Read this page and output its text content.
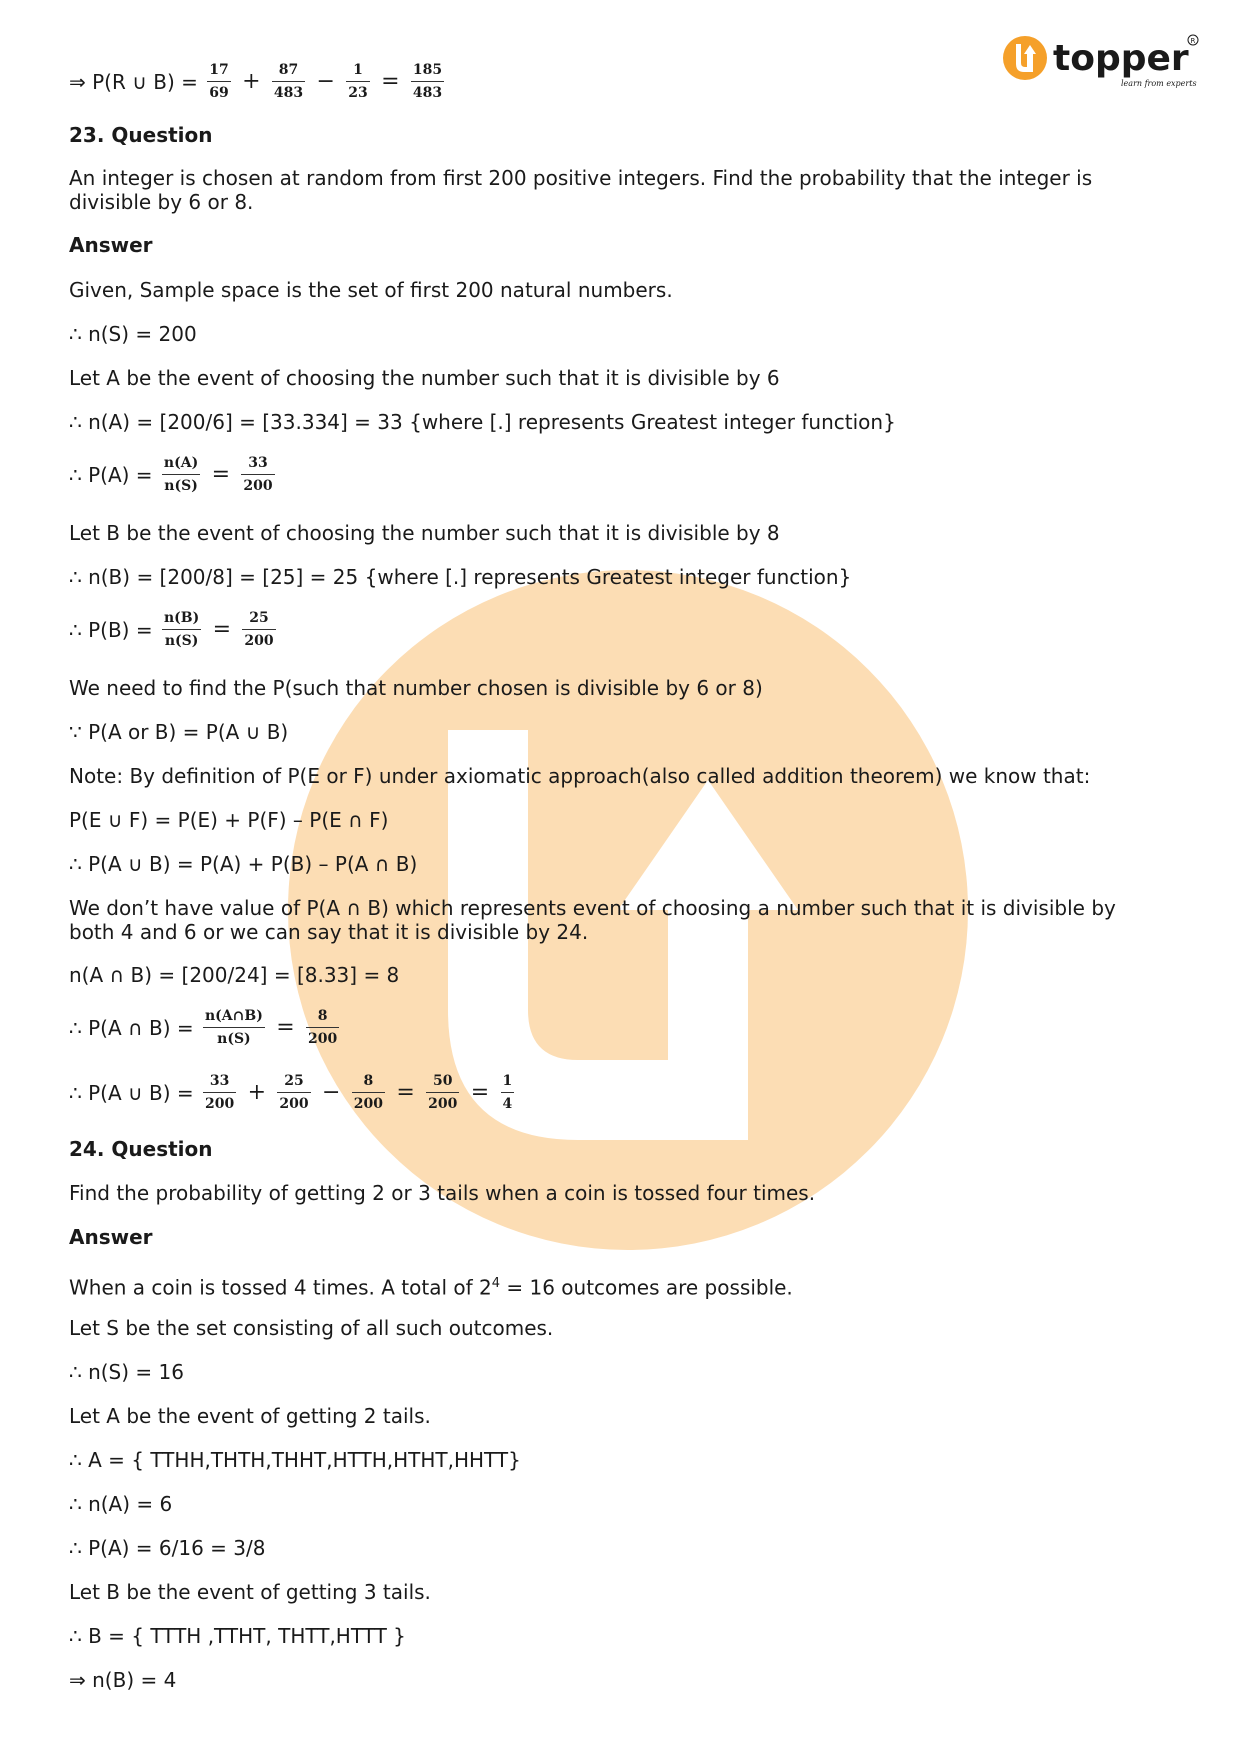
topper
learn from experts
R
⇒ P(R ∪ $B) = \frac{17}{69} + \frac{87}{483} - \frac{1}{23} = \frac{185}{483}$
23. Question
An integer is chosen at random from first 200 positive integers. Find the probability that the integer is divisible by 6 or 8.
Answer
Given, Sample space is the set of first 200 natural numbers.
∴ n(S) = 200
Let A be the event of choosing the number such that it is divisible by 6
∴ n(A) = [200/6] = [33.334] = 33 {where [.] represents Greatest integer function}
∴ $P(A) = \frac{n(A)}{n(S)} = \frac{33}{200}$
Let B be the event of choosing the number such that it is divisible by 8
∴ n(B) = [200/8] = [25] = 25 {where [.] represents Greatest integer function}
∴ $P(B) = \frac{n(B)}{n(S)} = \frac{25}{200}$
We need to find the P(such that number chosen is divisible by 6 or 8)
∵ P(A or B) = P(A ∪ B)
Note: By definition of P(E or F) under axiomatic approach(also called addition theorem) we know that:
P(E ∪ F) = P(E) + P(F) – P(E ∩ F)
∴ P(A ∪ B) = P(A) + P(B) – P(A ∩ B)
We don’t have value of P(A ∩ B) which represents event of choosing a number such that it is divisible by both 4 and 6 or we can say that it is divisible by 24.
n(A ∩ B) = [200/24] = [8.33] = 8
∴ P(A ∩ $B) = \frac{n(A\cap B)}{n(S)} = \frac{8}{200}$
∴ P(A ∪ $B) = \frac{33}{200} + \frac{25}{200} - \frac{8}{200} = \frac{50}{200} = \frac{1}{4}$
24. Question
Find the probability of getting 2 or 3 tails when a coin is tossed four times.
Answer
When a coin is tossed 4 times. A total of $2^4 = 16$ outcomes are possible.
Let S be the set consisting of all such outcomes.
∴ n(S) = 16
Let A be the event of getting 2 tails.
∴ A = { TTHH,THTH,THHT,HTTH,HTHT,HHTT}
∴ n(A) = 6
∴ P(A) = 6/16 = 3/8
Let B be the event of getting 3 tails.
∴ B = { TTTH ,TTHT, THTT,HTTT }
⇒ n(B) = 4
